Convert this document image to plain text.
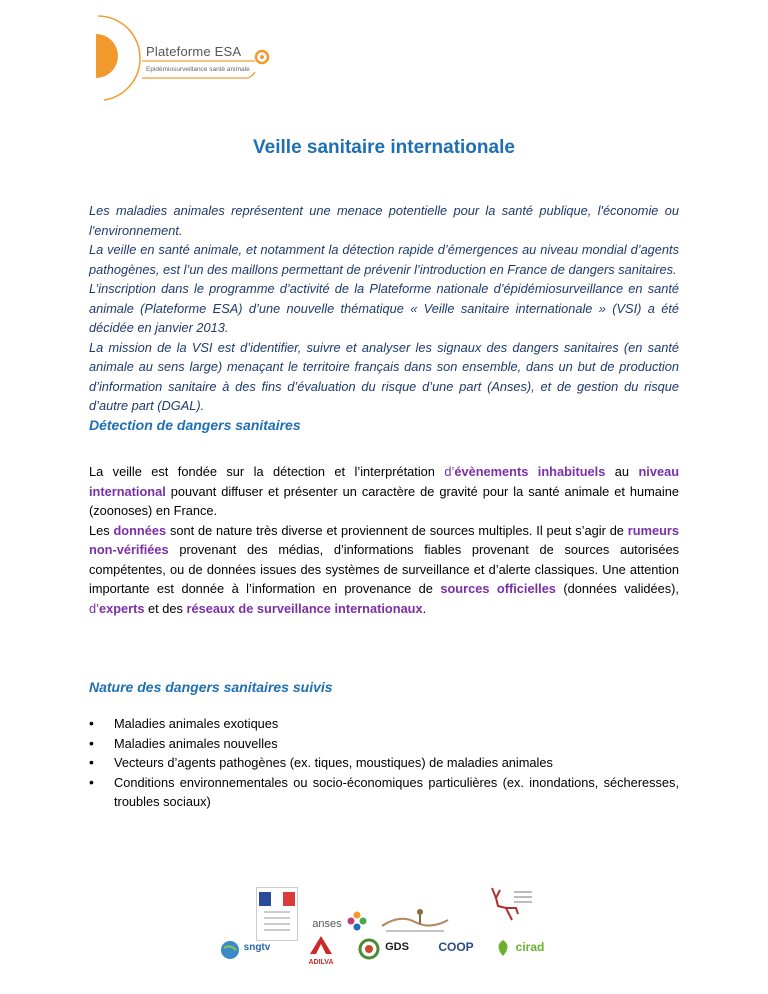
Plateforme ESA
Epidémiosurveillance santé animale
Veille sanitaire internationale

Les maladies animales représentent une menace potentielle pour la santé publique, l'économie ou l'environnement.

La veille en santé animale, et notamment la détection rapide d’émergences au niveau mondial d’agents pathogènes, est l’un des maillons permettant de prévenir l’introduction en France de dangers sanitaires.

L’inscription dans le programme d’activité de la Plateforme nationale d’épidémiosurveillance en santé animale (Plateforme ESA) d’une nouvelle thématique « Veille sanitaire internationale » (VSI) a été décidée en janvier 2013.

La mission de la VSI est d’identifier, suivre et analyser les signaux des dangers sanitaires (en santé animale au sens large) menaçant le territoire français dans son ensemble, dans un but de production d’information sanitaire à des fins d’évaluation du risque d’une part (Anses), et de gestion du risque d’autre part (DGAL).

Détection de dangers sanitaires

La veille est fondée sur la détection et l’interprétation d’évènements inhabituels au niveau international pouvant diffuser et présenter un caractère de gravité pour la santé animale et humaine (zoonoses) en France.

Les données sont de nature très diverse et proviennent de sources multiples. Il peut s’agir de rumeurs non-vérifiées provenant des médias, d’informations fiables provenant de sources autorisées compétentes, ou de données issues des systèmes de surveillance et d’alerte classiques. Une attention importante est donnée à l’information en provenance de sources officielles (données validées), d’experts et des réseaux de surveillance internationaux.

Nature des dangers sanitaires suivis
• Maladies animales exotiques
• Maladies animales nouvelles
• Vecteurs d’agents pathogènes (ex. tiques, moustiques) de maladies animales
• Conditions environnementales ou socio-économiques particulières (ex. inondations, sécheresses, troubles sociaux)
anses
sngtv
ADILVA
GDS	COOP	cirad
